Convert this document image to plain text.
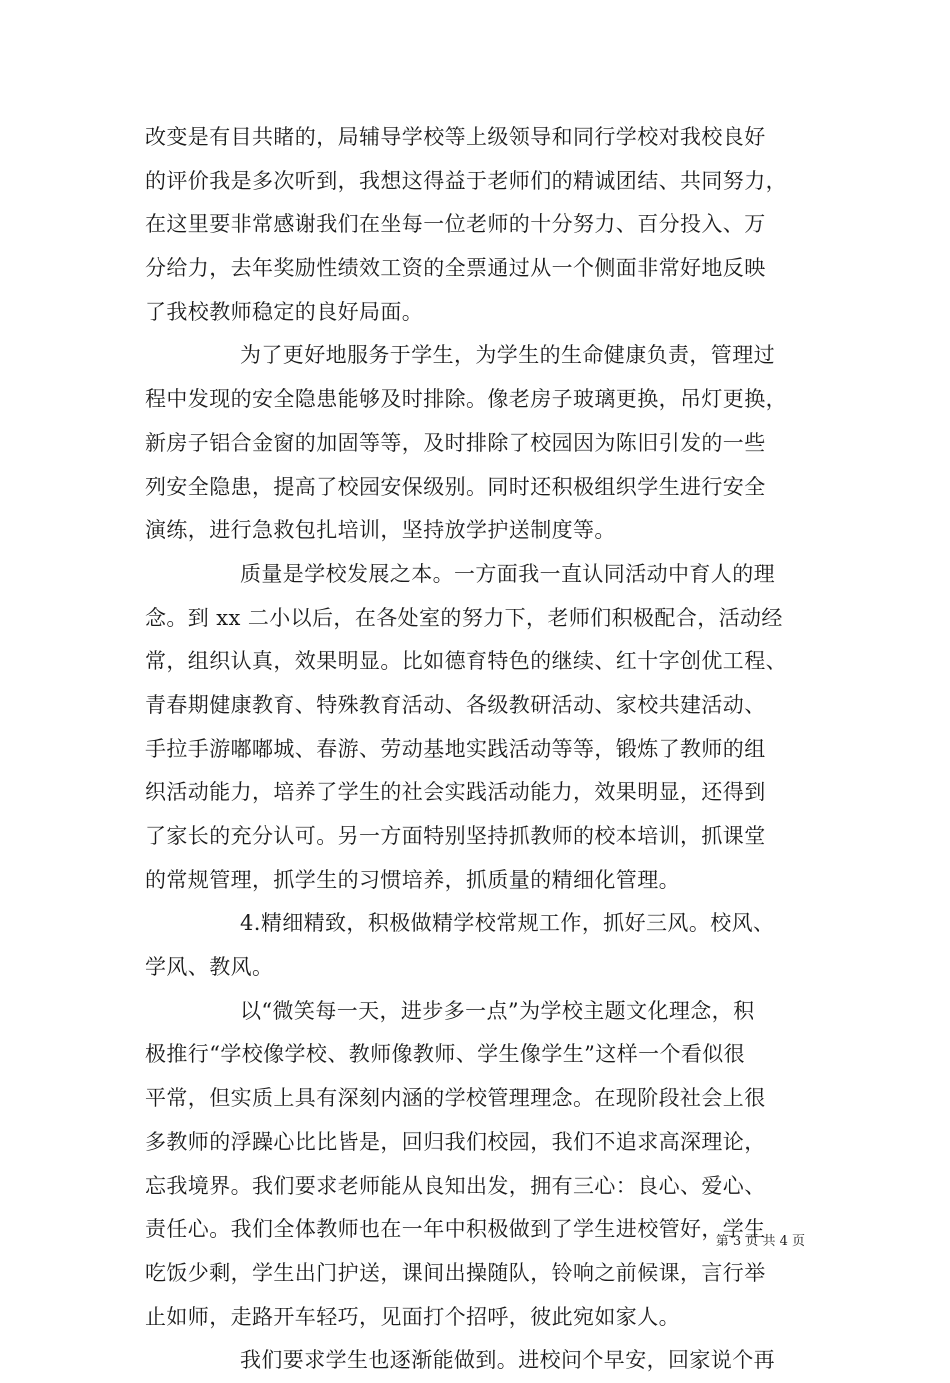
改变是有目共睹的，局辅导学校等上级领导和同行学校对我校良好
的评价我是多次听到，我想这得益于老师们的精诚团结、共同努力，
在这里要非常感谢我们在坐每一位老师的十分努力、百分投入、万
分给力，去年奖励性绩效工资的全票通过从一个侧面非常好地反映
了我校教师稳定的良好局面。
为了更好地服务于学生，为学生的生命健康负责，管理过
程中发现的安全隐患能够及时排除。像老房子玻璃更换，吊灯更换，
新房子铝合金窗的加固等等，及时排除了校园因为陈旧引发的一些
列安全隐患，提高了校园安保级别。同时还积极组织学生进行安全
演练，进行急救包扎培训，坚持放学护送制度等。
质量是学校发展之本。一方面我一直认同活动中育人的理
念。到 xx 二小以后，在各处室的努力下，老师们积极配合，活动经
常，组织认真，效果明显。比如德育特色的继续、红十字创优工程、
青春期健康教育、特殊教育活动、各级教研活动、家校共建活动、
手拉手游嘟嘟城、春游、劳动基地实践活动等等，锻炼了教师的组
织活动能力，培养了学生的社会实践活动能力，效果明显，还得到
了家长的充分认可。另一方面特别坚持抓教师的校本培训，抓课堂
的常规管理，抓学生的习惯培养，抓质量的精细化管理。
4.精细精致，积极做精学校常规工作，抓好三风。校风、
学风、教风。
以“微笑每一天，进步多一点”为学校主题文化理念，积
极推行“学校像学校、教师像教师、学生像学生”这样一个看似很
平常，但实质上具有深刻内涵的学校管理理念。在现阶段社会上很
多教师的浮躁心比比皆是，回归我们校园，我们不追求高深理论，
忘我境界。我们要求老师能从良知出发，拥有三心：良心、爱心、
责任心。我们全体教师也在一年中积极做到了学生进校管好，学生
吃饭少剩，学生出门护送，课间出操随队，铃响之前候课，言行举
止如师，走路开车轻巧，见面打个招呼，彼此宛如家人。
我们要求学生也逐渐能做到。进校问个早安，回家说个再
第 3 页 共 4 页
